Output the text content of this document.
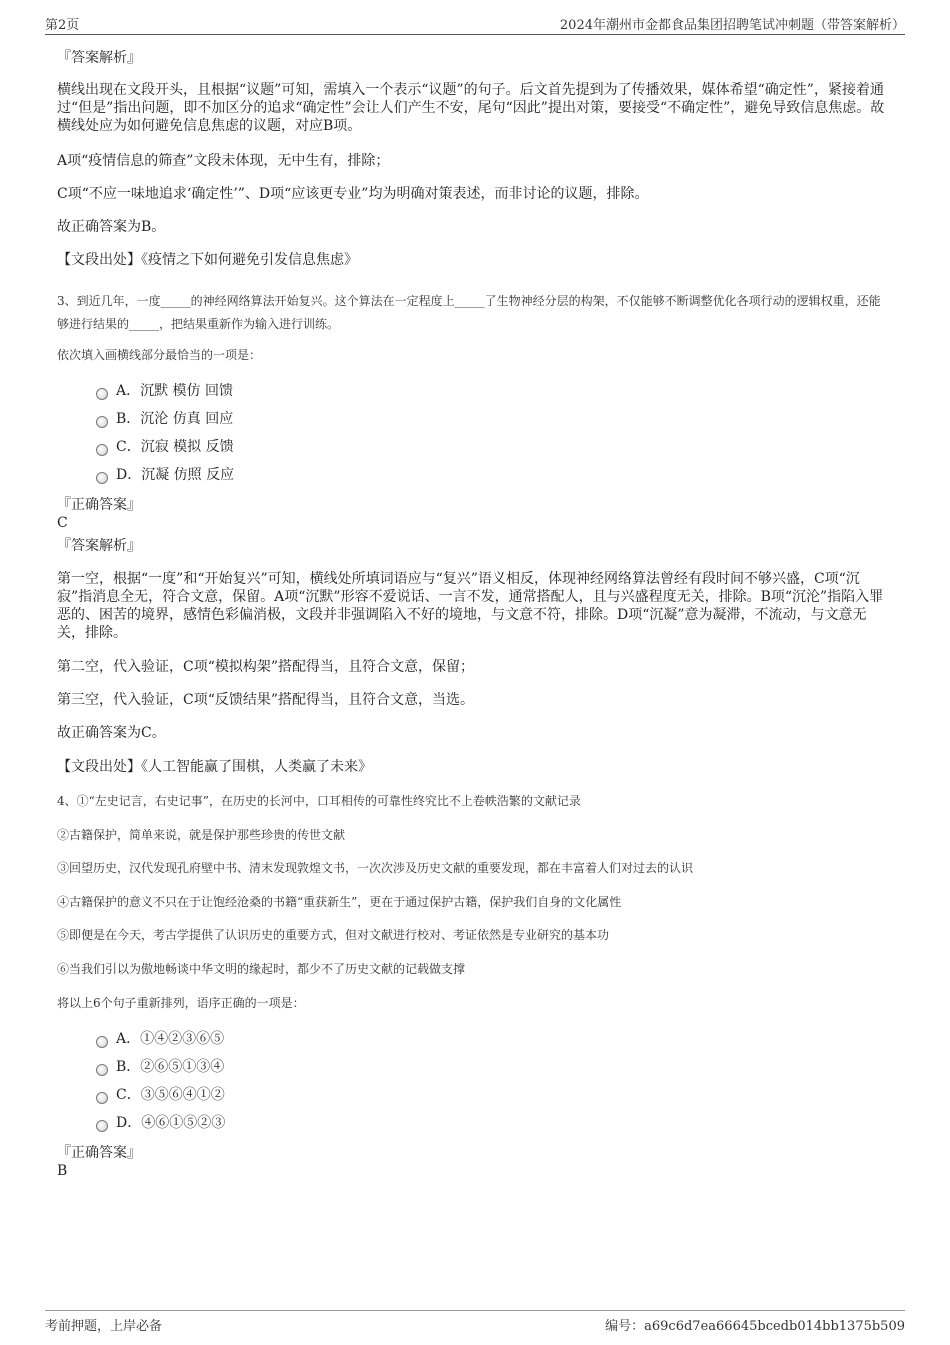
第2页	2024年潮州市金都食品集团招聘笔试冲刺题（带答案解析）
『答案解析』
横线出现在文段开头，且根据“议题”可知，需填入一个表示“议题”的句子。后文首先提到为了传播效果，媒体希望“确定性”，紧接着通过“但是”指出问题，即不加区分的追求“确定性”会让人们产生不安，尾句“因此”提出对策，要接受“不确定性”，避免导致信息焦虑。故横线处应为如何避免信息焦虑的议题，对应B项。
A项“疫情信息的筛查”文段未体现，无中生有，排除；
C项“不应一味地追求‘确定性’”、D项“应该更专业”均为明确对策表述，而非讨论的议题，排除。
故正确答案为B。
【文段出处】《疫情之下如何避免引发信息焦虑》
3、到近几年，一度_____的神经网络算法开始复兴。这个算法在一定程度上_____了生物神经分层的构架，不仅能够不断调整优化各项行动的逻辑权重，还能够进行结果的_____，把结果重新作为输入进行训练。
依次填入画横线部分最恰当的一项是：
A．沉默 模仿 回馈
B．沉沦 仿真 回应
C．沉寂 模拟 反馈
D．沉凝 仿照 反应
『正确答案』
C
『答案解析』
第一空，根据“一度”和“开始复兴”可知，横线处所填词语应与“复兴”语义相反，体现神经网络算法曾经有段时间不够兴盛，C项“沉寂”指消息全无，符合文意，保留。A项“沉默”形容不爱说话、一言不发，通常搭配人，且与兴盛程度无关，排除。B项“沉沦”指陷入罪恶的、困苦的境界，感情色彩偏消极，文段并非强调陷入不好的境地，与文意不符，排除。D项“沉凝”意为凝滞，不流动，与文意无关，排除。
第二空，代入验证，C项“模拟构架”搭配得当，且符合文意，保留；
第三空，代入验证，C项“反馈结果”搭配得当，且符合文意，当选。
故正确答案为C。
【文段出处】《人工智能赢了围棋，人类赢了未来》
4、①“左史记言，右史记事”，在历史的长河中，口耳相传的可靠性终究比不上卷帙浩繁的文献记录
②古籍保护，简单来说，就是保护那些珍贵的传世文献
③回望历史，汉代发现孔府壁中书、清末发现敦煌文书，一次次涉及历史文献的重要发现，都在丰富着人们对过去的认识
④古籍保护的意义不只在于让饱经沧桑的书籍“重获新生”，更在于通过保护古籍，保护我们自身的文化属性
⑤即便是在今天，考古学提供了认识历史的重要方式，但对文献进行校对、考证依然是专业研究的基本功
⑥当我们引以为傲地畅谈中华文明的缘起时，都少不了历史文献的记载做支撑
将以上6个句子重新排列，语序正确的一项是：
A．①④②③⑥⑤
B．②⑥⑤①③④
C．③⑤⑥④①②
D．④⑥①⑤②③
『正确答案』
B
考前押题，上岸必备	编号：a69c6d7ea66645bcedb014bb1375b509
